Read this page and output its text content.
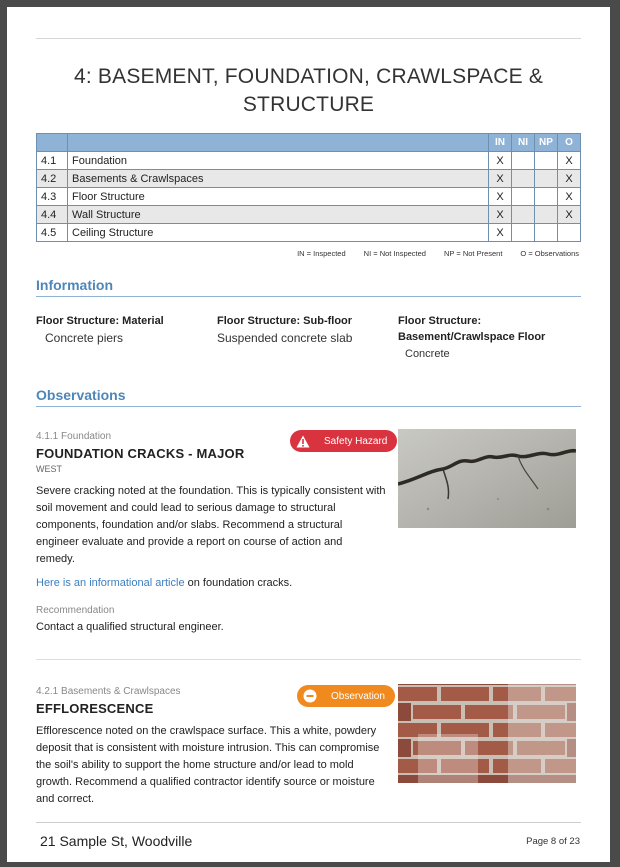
4: BASEMENT, FOUNDATION, CRAWLSPACE &
STRUCTURE
		IN	NI	NP	O
4.1	Foundation	X			X
4.2	Basements & Crawlspaces	X			X
4.3	Floor Structure	X			X
4.4	Wall Structure	X			X
4.5	Ceiling Structure	X			
IN = Inspected NI = Not Inspected NP = Not Present O = Observations
Information
Floor Structure: Material
Concrete piers
Floor Structure: Sub-floor
Suspended concrete slab
Floor Structure:
Basement/Crawlspace Floor
Concrete
Observations
4.1.1 Foundation
FOUNDATION CRACKS - MAJOR
WEST
Safety Hazard
Severe cracking noted at the foundation. This is typically consistent with
soil movement and could lead to serious damage to structural
components, foundation and/or slabs. Recommend a structural
engineer evaluate and provide a report on course of action and
remedy.
Here is an informational article on foundation cracks.
Recommendation
Contact a qualified structural engineer.
4.2.1 Basements & Crawlspaces
EFFLORESCENCE
Observation
Efflorescence noted on the crawlspace surface. This a white, powdery
deposit that is consistent with moisture intrusion. This can compromise
the soil's ability to support the home structure and/or lead to mold
growth. Recommend a qualified contractor identify source or moisture
and correct.
21 Sample St, Woodville	Page 8 of 23
